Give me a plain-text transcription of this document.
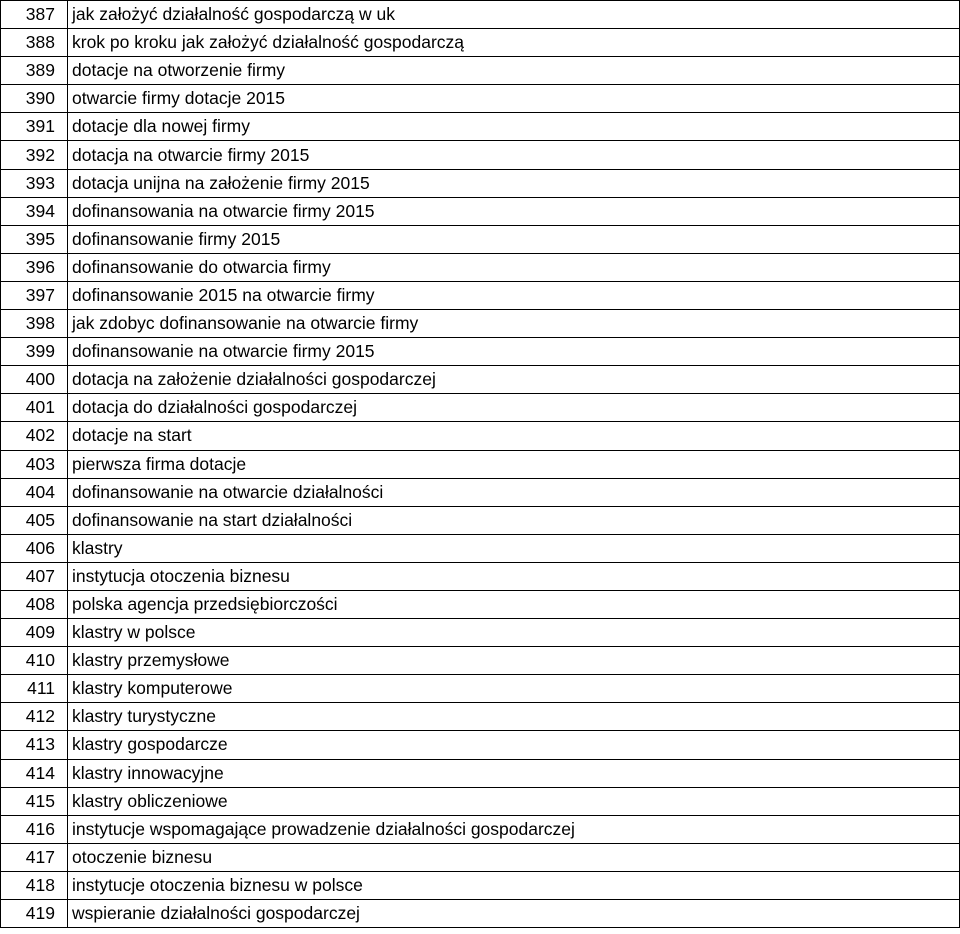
387	jak założyć działalność gospodarczą w uk
388	krok po kroku jak założyć działalność gospodarczą
389	dotacje na otworzenie firmy
390	otwarcie firmy dotacje 2015
391	dotacje dla nowej firmy
392	dotacja na otwarcie firmy 2015
393	dotacja unijna na założenie firmy 2015
394	dofinansowania na otwarcie firmy 2015
395	dofinansowanie firmy 2015
396	dofinansowanie do otwarcia firmy
397	dofinansowanie 2015 na otwarcie firmy
398	jak zdobyc dofinansowanie na otwarcie firmy
399	dofinansowanie na otwarcie firmy 2015
400	dotacja na założenie działalności gospodarczej
401	dotacja do działalności gospodarczej
402	dotacje na start
403	pierwsza firma dotacje
404	dofinansowanie na otwarcie działalności
405	dofinansowanie na start działalności
406	klastry
407	instytucja otoczenia biznesu
408	polska agencja przedsiębiorczości
409	klastry w polsce
410	klastry przemysłowe
411	klastry komputerowe
412	klastry turystyczne
413	klastry gospodarcze
414	klastry innowacyjne
415	klastry obliczeniowe
416	instytucje wspomagające prowadzenie działalności gospodarczej
417	otoczenie biznesu
418	instytucje otoczenia biznesu w polsce
419	wspieranie działalności gospodarczej
